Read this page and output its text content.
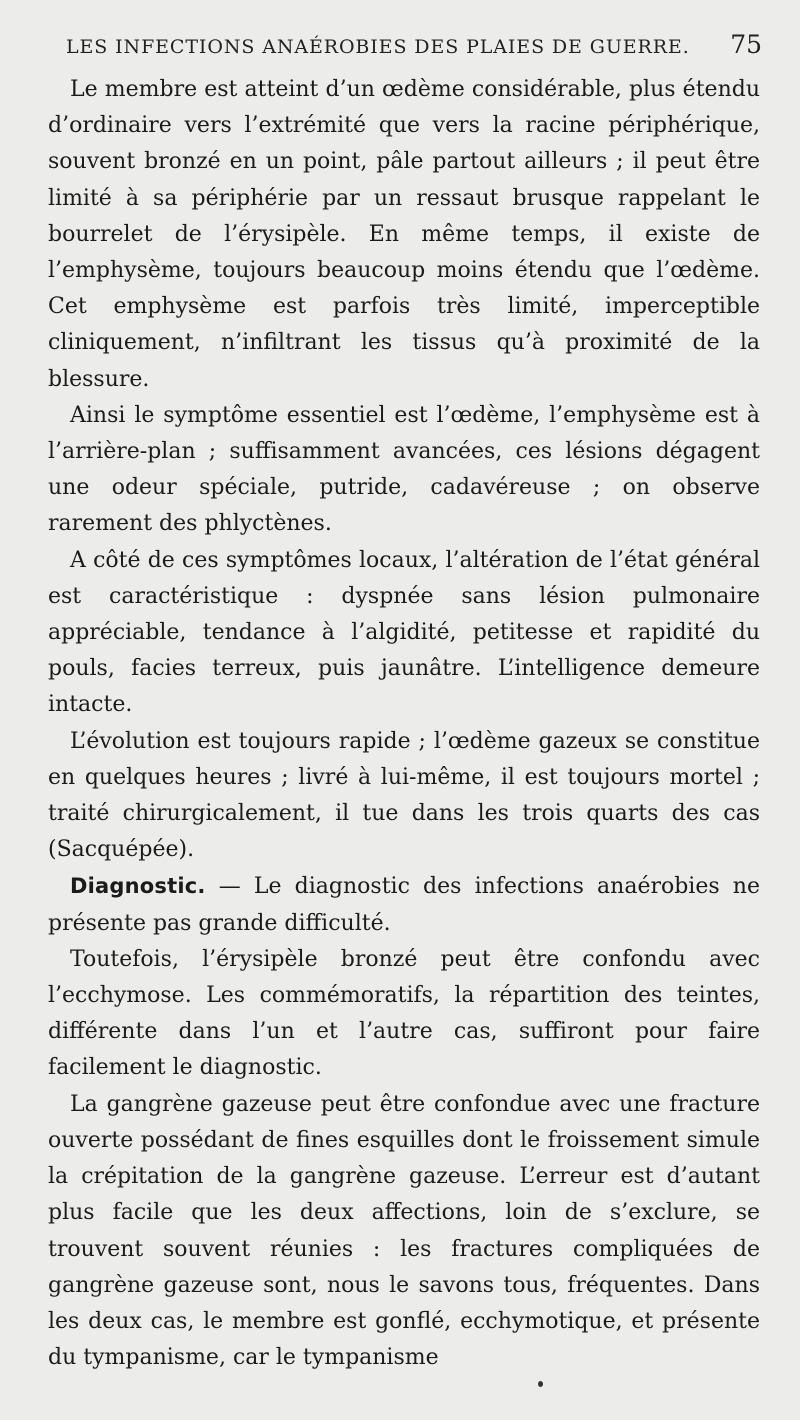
LES INFECTIONS ANAÉROBIES DES PLAIES DE GUERRE. 75

Le membre est atteint d’un œdème considérable, plus étendu d’ordinaire vers l’extrémité que vers la racine périphérique, souvent bronzé en un point, pâle partout ailleurs ; il peut être limité à sa périphérie par un ressaut brusque rappelant le bourrelet de l’érysipèle. En même temps, il existe de l’emphysème, toujours beaucoup moins étendu que l’œdème. Cet emphysème est parfois très limité, imperceptible cliniquement, n’infiltrant les tissus qu’à proximité de la blessure.

Ainsi le symptôme essentiel est l’œdème, l’emphysème est à l’arrière-plan ; suffisamment avancées, ces lésions dégagent une odeur spéciale, putride, cadavéreuse ; on observe rarement des phlyctènes.

A côté de ces symptômes locaux, l’altération de l’état général est caractéristique : dyspnée sans lésion pulmonaire appréciable, tendance à l’algidité, petitesse et rapidité du pouls, facies terreux, puis jaunâtre. L’intelligence demeure intacte.

L’évolution est toujours rapide ; l’œdème gazeux se constitue en quelques heures ; livré à lui-même, il est toujours mortel ; traité chirurgicalement, il tue dans les trois quarts des cas (Sacquépée).

Diagnostic. — Le diagnostic des infections anaérobies ne présente pas grande difficulté.

Toutefois, l’érysipèle bronzé peut être confondu avec l’ecchymose. Les commémoratifs, la répartition des teintes, différente dans l’un et l’autre cas, suffiront pour faire facilement le diagnostic.

La gangrène gazeuse peut être confondue avec une fracture ouverte possédant de fines esquilles dont le froissement simule la crépitation de la gangrène gazeuse. L’erreur est d’autant plus facile que les deux affections, loin de s’exclure, se trouvent souvent réunies : les fractures compliquées de gangrène gazeuse sont, nous le savons tous, fréquentes. Dans les deux cas, le membre est gonflé, ecchymotique, et présente du tympanisme, car le tympanisme
